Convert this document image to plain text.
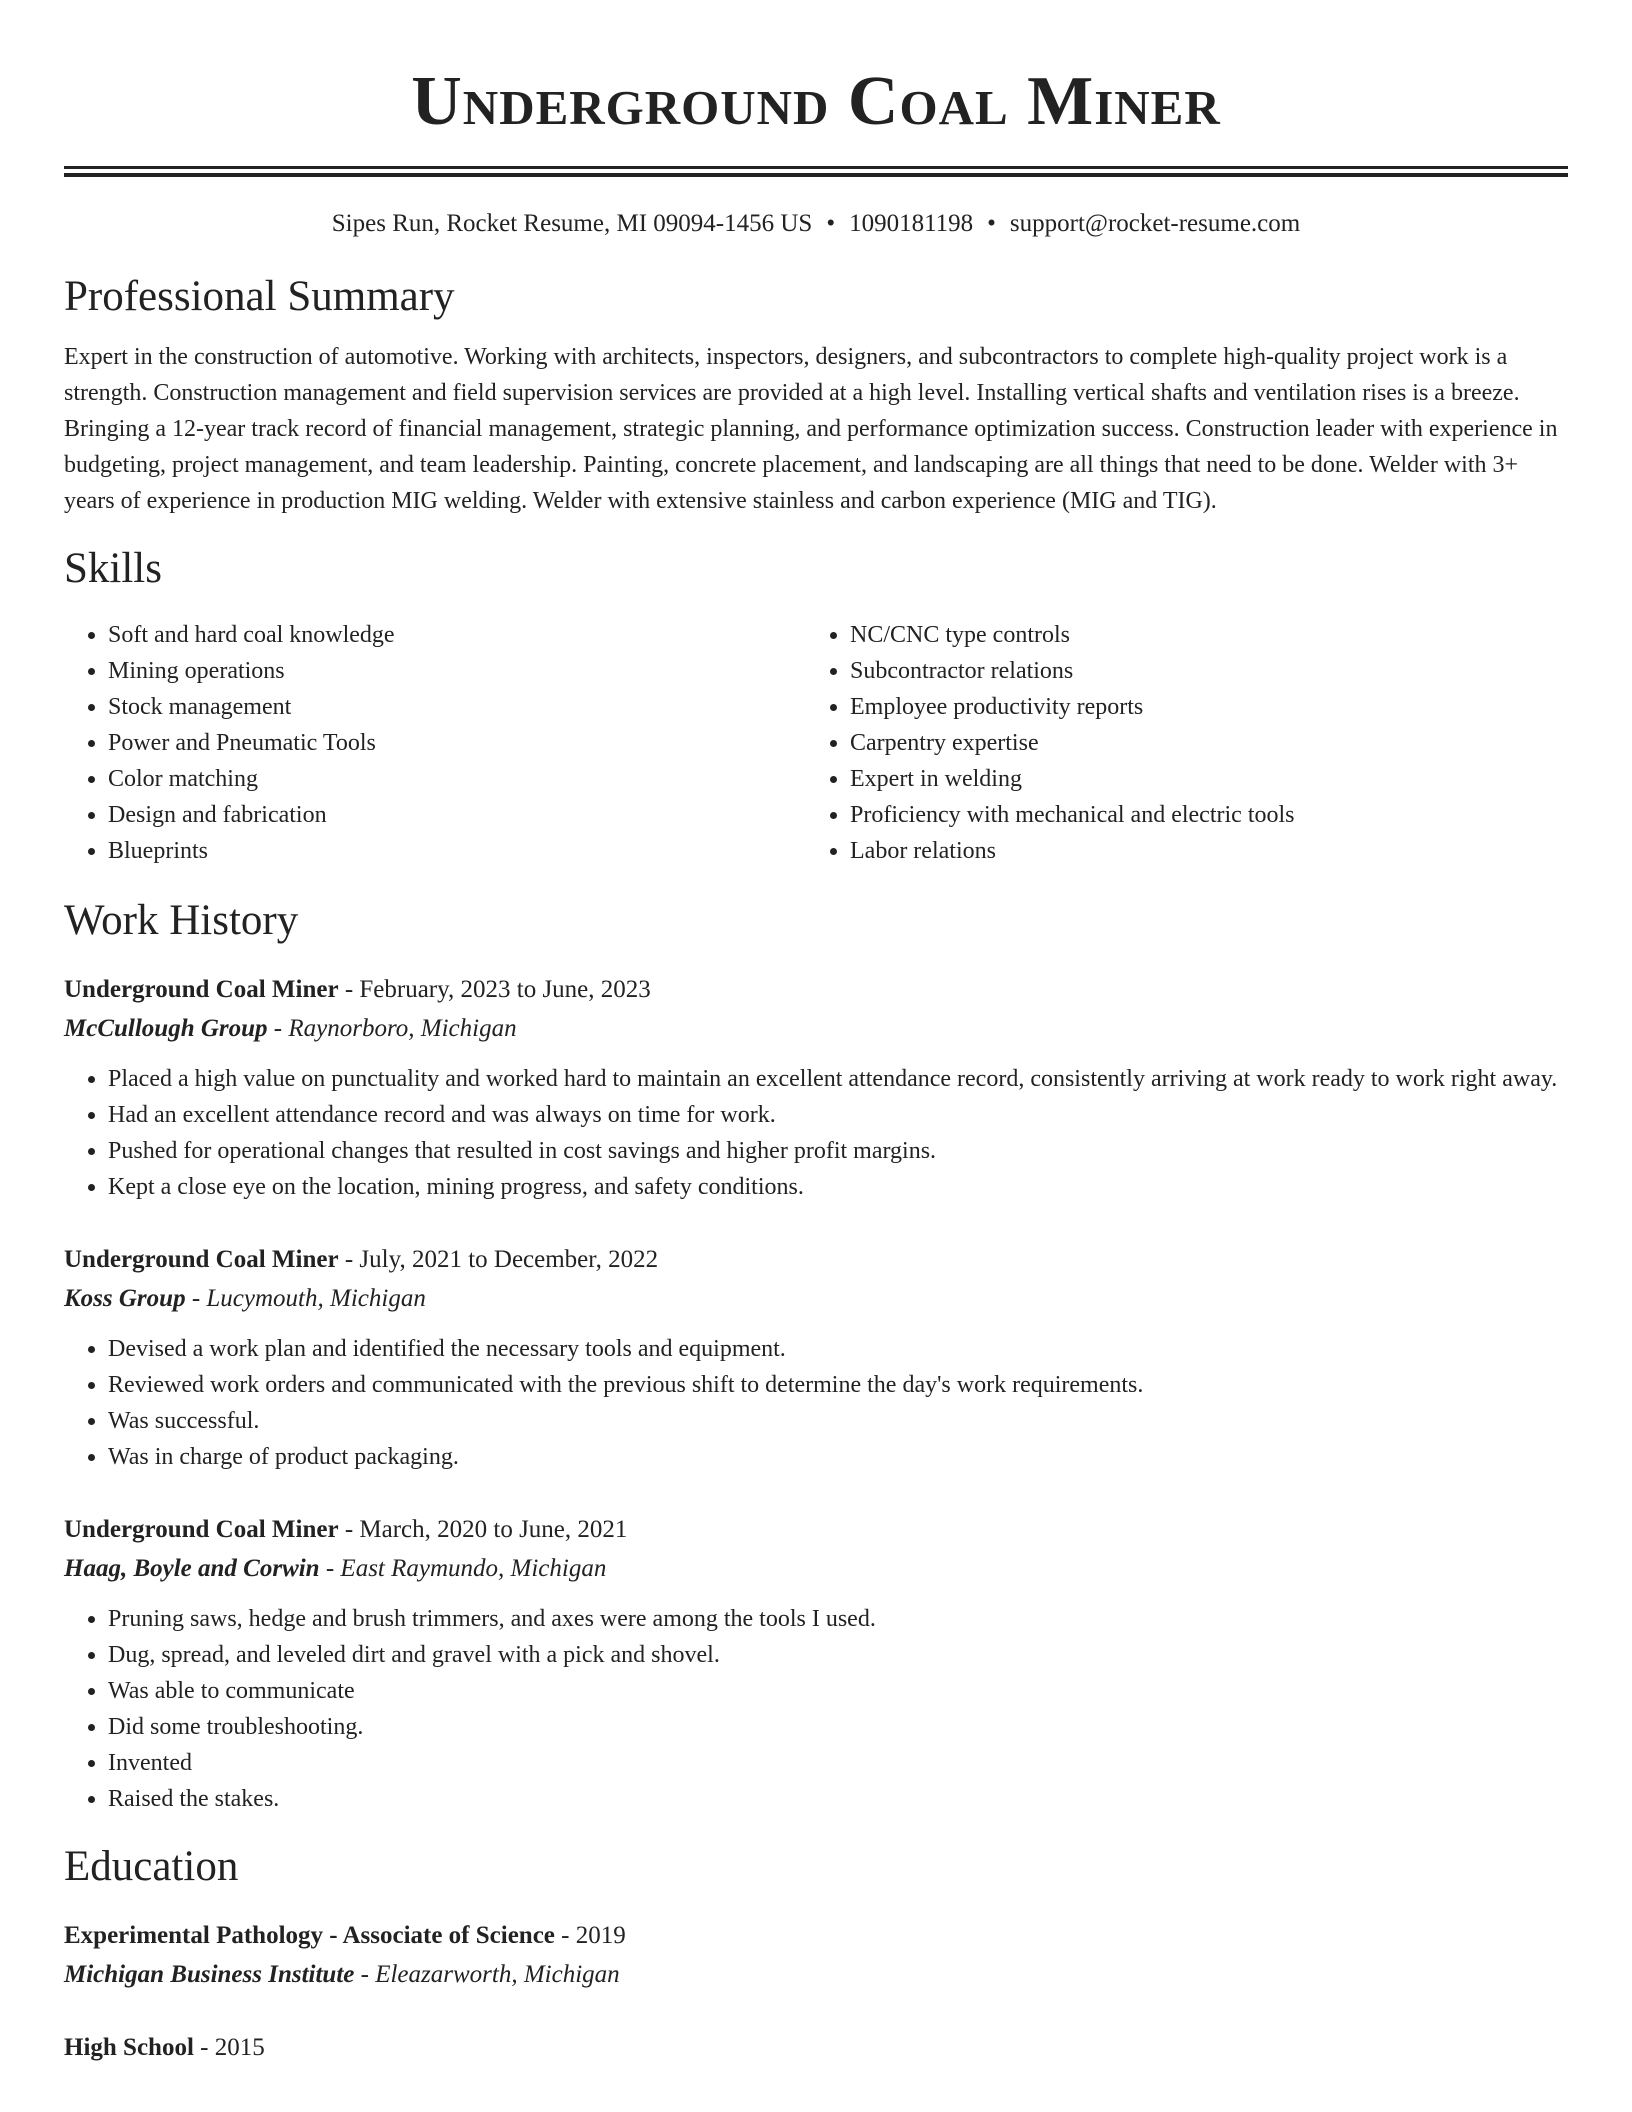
Underground Coal Miner
Sipes Run, Rocket Resume, MI 09094-1456 US • 1090181198 • support@rocket-resume.com
Professional Summary

Expert in the construction of automotive. Working with architects, inspectors, designers, and subcontractors to complete high-quality project work is a strength. Construction management and field supervision services are provided at a high level. Installing vertical shafts and ventilation rises is a breeze. Bringing a 12-year track record of financial management, strategic planning, and performance optimization success. Construction leader with experience in budgeting, project management, and team leadership. Painting, concrete placement, and landscaping are all things that need to be done. Welder with 3+ years of experience in production MIG welding. Welder with extensive stainless and carbon experience (MIG and TIG).

Skills
• Soft and hard coal knowledge
• Mining operations
• Stock management
• Power and Pneumatic Tools
• Color matching
• Design and fabrication
• Blueprints
• NC/CNC type controls
• Subcontractor relations
• Employee productivity reports
• Carpentry expertise
• Expert in welding
• Proficiency with mechanical and electric tools
• Labor relations
Work History
Underground Coal Miner - February, 2023 to June, 2023
McCullough Group - Raynorboro, Michigan
• Placed a high value on punctuality and worked hard to maintain an excellent attendance record, consistently arriving at work ready to work right away.
• Had an excellent attendance record and was always on time for work.
• Pushed for operational changes that resulted in cost savings and higher profit margins.
• Kept a close eye on the location, mining progress, and safety conditions.
Underground Coal Miner - July, 2021 to December, 2022
Koss Group - Lucymouth, Michigan
• Devised a work plan and identified the necessary tools and equipment.
• Reviewed work orders and communicated with the previous shift to determine the day's work requirements.
• Was successful.
• Was in charge of product packaging.
Underground Coal Miner - March, 2020 to June, 2021
Haag, Boyle and Corwin - East Raymundo, Michigan
• Pruning saws, hedge and brush trimmers, and axes were among the tools I used.
• Dug, spread, and leveled dirt and gravel with a pick and shovel.
• Was able to communicate
• Did some troubleshooting.
• Invented
• Raised the stakes.
Education
Experimental Pathology - Associate of Science - 2019
Michigan Business Institute - Eleazarworth, Michigan
High School - 2015
